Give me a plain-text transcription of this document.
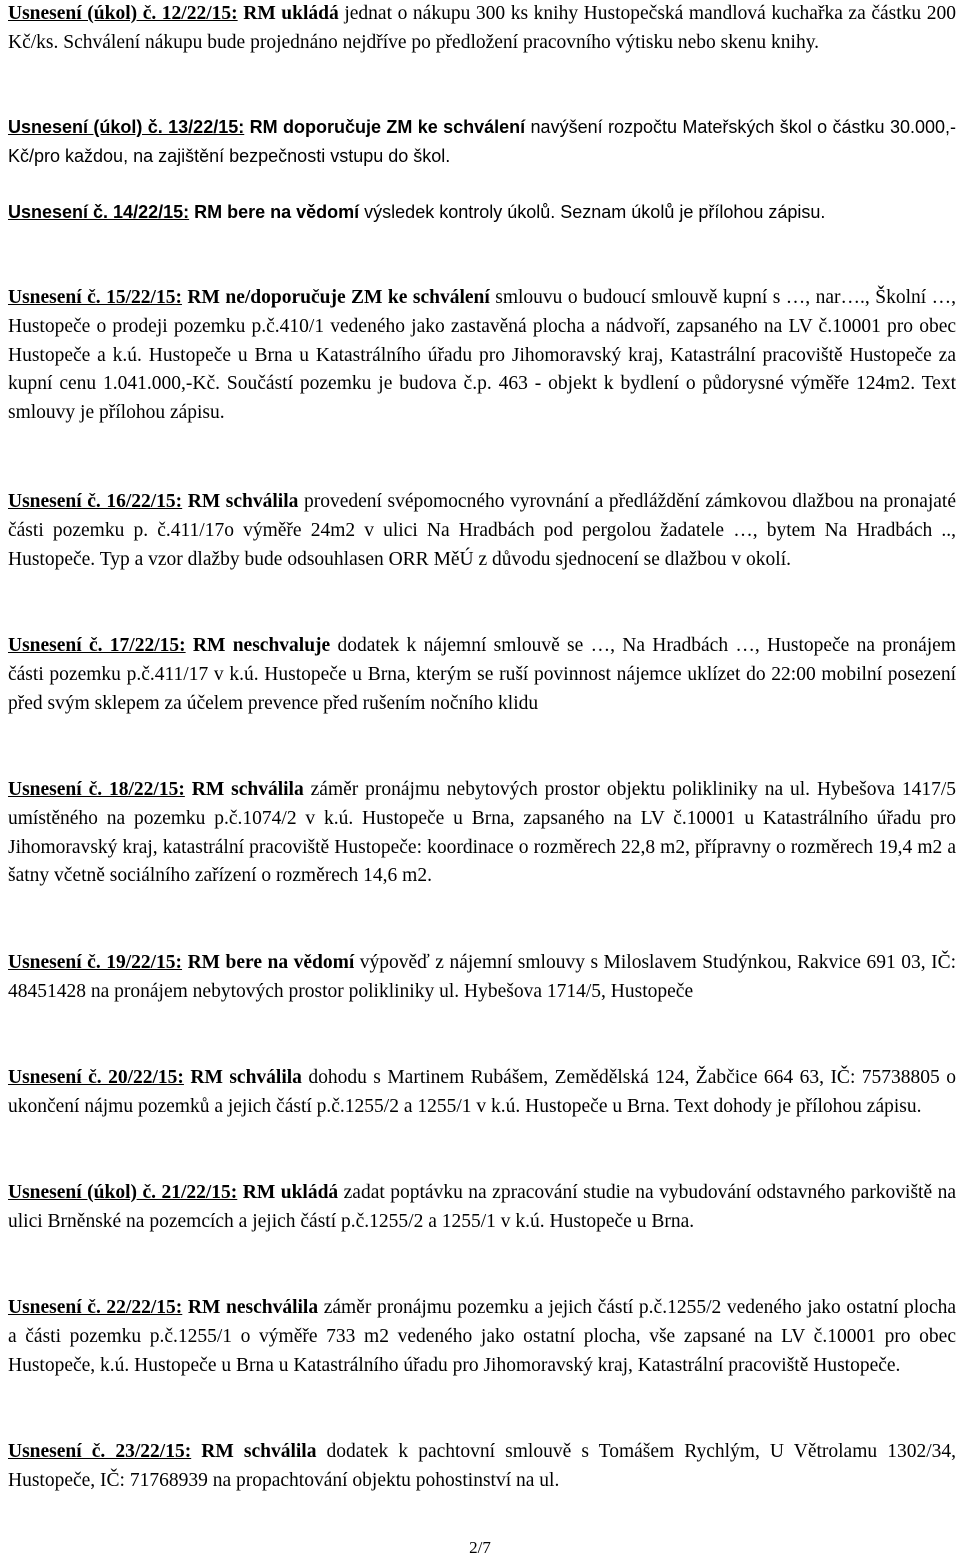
Usnesení (úkol) č. 12/22/15: RM ukládá jednat o nákupu 300 ks knihy Hustopečská mandlová kuchařka za částku 200 Kč/ks. Schválení nákupu bude projednáno nejdříve po předložení pracovního výtisku nebo skenu knihy.

Usnesení (úkol) č. 13/22/15: RM doporučuje ZM ke schválení navýšení rozpočtu Mateřských škol o částku 30.000,- Kč/pro každou, na zajištění bezpečnosti vstupu do škol.

Usnesení č. 14/22/15: RM bere na vědomí výsledek kontroly úkolů. Seznam úkolů je přílohou zápisu.

Usnesení č. 15/22/15: RM ne/doporučuje ZM ke schválení smlouvu o budoucí smlouvě kupní s …, nar…., Školní …, Hustopeče o prodeji pozemku p.č.410/1 vedeného jako zastavěná plocha a nádvoří, zapsaného na LV č.10001 pro obec Hustopeče a k.ú. Hustopeče u Brna u Katastrálního úřadu pro Jihomoravský kraj, Katastrální pracoviště Hustopeče za kupní cenu 1.041.000,-Kč. Součástí pozemku je budova č.p. 463 - objekt k bydlení o půdorysné výměře 124m2. Text smlouvy je přílohou zápisu.

Usnesení č. 16/22/15: RM schválila provedení svépomocného vyrovnání a předláždění zámkovou dlažbou na pronajaté části pozemku p. č.411/17o výměře 24m2 v ulici Na Hradbách pod pergolou žadatele …, bytem Na Hradbách .., Hustopeče. Typ a vzor dlažby bude odsouhlasen ORR MěÚ z důvodu sjednocení se dlažbou v okolí.

Usnesení č. 17/22/15: RM neschvaluje dodatek k nájemní smlouvě se …, Na Hradbách …, Hustopeče na pronájem části pozemku p.č.411/17 v k.ú. Hustopeče u Brna, kterým se ruší povinnost nájemce uklízet do 22:00 mobilní posezení před svým sklepem za účelem prevence před rušením nočního klidu

Usnesení č. 18/22/15: RM schválila záměr pronájmu nebytových prostor objektu polikliniky na ul. Hybešova 1417/5 umístěného na pozemku p.č.1074/2 v k.ú. Hustopeče u Brna, zapsaného na LV č.10001 u Katastrálního úřadu pro Jihomoravský kraj, katastrální pracoviště Hustopeče: koordinace o rozměrech 22,8 m2, přípravny o rozměrech 19,4 m2 a šatny včetně sociálního zařízení o rozměrech 14,6 m2.

Usnesení č. 19/22/15: RM bere na vědomí výpověď z nájemní smlouvy s Miloslavem Studýnkou, Rakvice 691 03, IČ: 48451428 na pronájem nebytových prostor polikliniky ul. Hybešova 1714/5, Hustopeče

Usnesení č. 20/22/15: RM schválila dohodu s Martinem Rubášem, Zemědělská 124, Žabčice 664 63, IČ: 75738805 o ukončení nájmu pozemků a jejich částí p.č.1255/2 a 1255/1 v k.ú. Hustopeče u Brna. Text dohody je přílohou zápisu.

Usnesení (úkol) č. 21/22/15: RM ukládá zadat poptávku na zpracování studie na vybudování odstavného parkoviště na ulici Brněnské na pozemcích a jejich částí p.č.1255/2 a 1255/1 v k.ú. Hustopeče u Brna.

Usnesení č. 22/22/15: RM neschválila záměr pronájmu pozemku a jejich částí p.č.1255/2 vedeného jako ostatní plocha a části pozemku p.č.1255/1 o výměře 733 m2 vedeného jako ostatní plocha, vše zapsané na LV č.10001 pro obec Hustopeče, k.ú. Hustopeče u Brna u Katastrálního úřadu pro Jihomoravský kraj, Katastrální pracoviště Hustopeče.

Usnesení č. 23/22/15: RM schválila dodatek k pachtovní smlouvě s Tomášem Rychlým, U Větrolamu 1302/34, Hustopeče, IČ: 71768939 na propachtování objektu pohostinství na ul.

2/7
